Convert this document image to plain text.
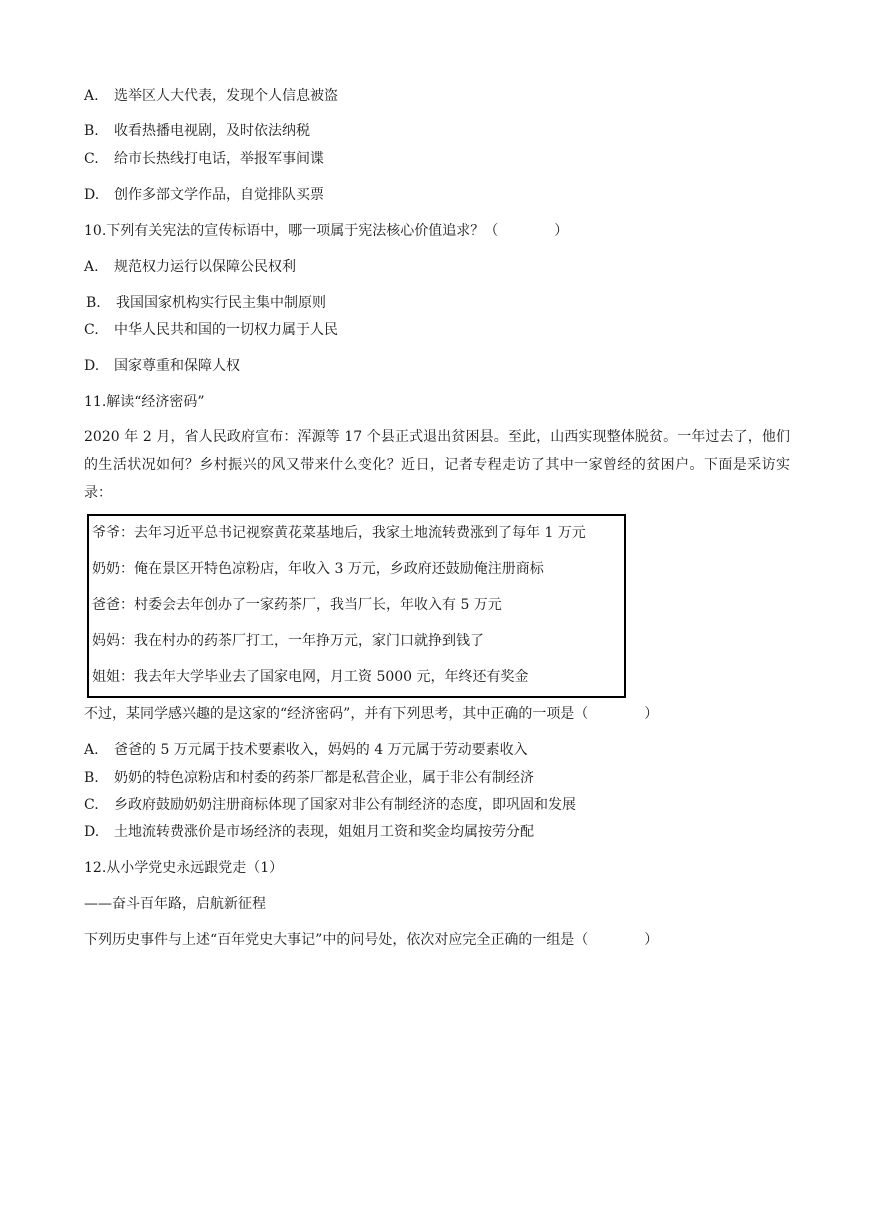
A. 选举区人大代表，发现个人信息被盗
B. 收看热播电视剧，及时依法纳税
C. 给市长热线打电话，举报军事间谍
D. 创作多部文学作品，自觉排队买票
10.下列有关宪法的宣传标语中，哪一项属于宪法核心价值追求？（　　　　）
A. 规范权力运行以保障公民权利
B. 我国国家机构实行民主集中制原则
C. 中华人民共和国的一切权力属于人民
D. 国家尊重和保障人权
11.解读“经济密码”
2020 年 2 月，省人民政府宣布：浑源等 17 个县正式退出贫困县。至此，山西实现整体脱贫。一年过去了，他们的生活状况如何？乡村振兴的风又带来什么变化？近日，记者专程走访了其中一家曾经的贫困户。下面是采访实录：
爷爷：去年习近平总书记视察黄花菜基地后，我家土地流转费涨到了每年 1 万元
奶奶：俺在景区开特色凉粉店，年收入 3 万元，乡政府还鼓励俺注册商标
爸爸：村委会去年创办了一家药茶厂，我当厂长，年收入有 5 万元
妈妈：我在村办的药茶厂打工，一年挣万元，家门口就挣到钱了
姐姐：我去年大学毕业去了国家电网，月工资 5000 元，年终还有奖金
不过，某同学感兴趣的是这家的“经济密码”，并有下列思考，其中正确的一项是（　　　　）
A. 爸爸的 5 万元属于技术要素收入，妈妈的 4 万元属于劳动要素收入
B. 奶奶的特色凉粉店和村委的药茶厂都是私营企业，属于非公有制经济
C. 乡政府鼓励奶奶注册商标体现了国家对非公有制经济的态度，即巩固和发展
D. 土地流转费涨价是市场经济的表现，姐姐月工资和奖金均属按劳分配
12.从小学党史永远跟党走（1）
——奋斗百年路，启航新征程
下列历史事件与上述“百年党史大事记”中的问号处，依次对应完全正确的一组是（　　　　）
